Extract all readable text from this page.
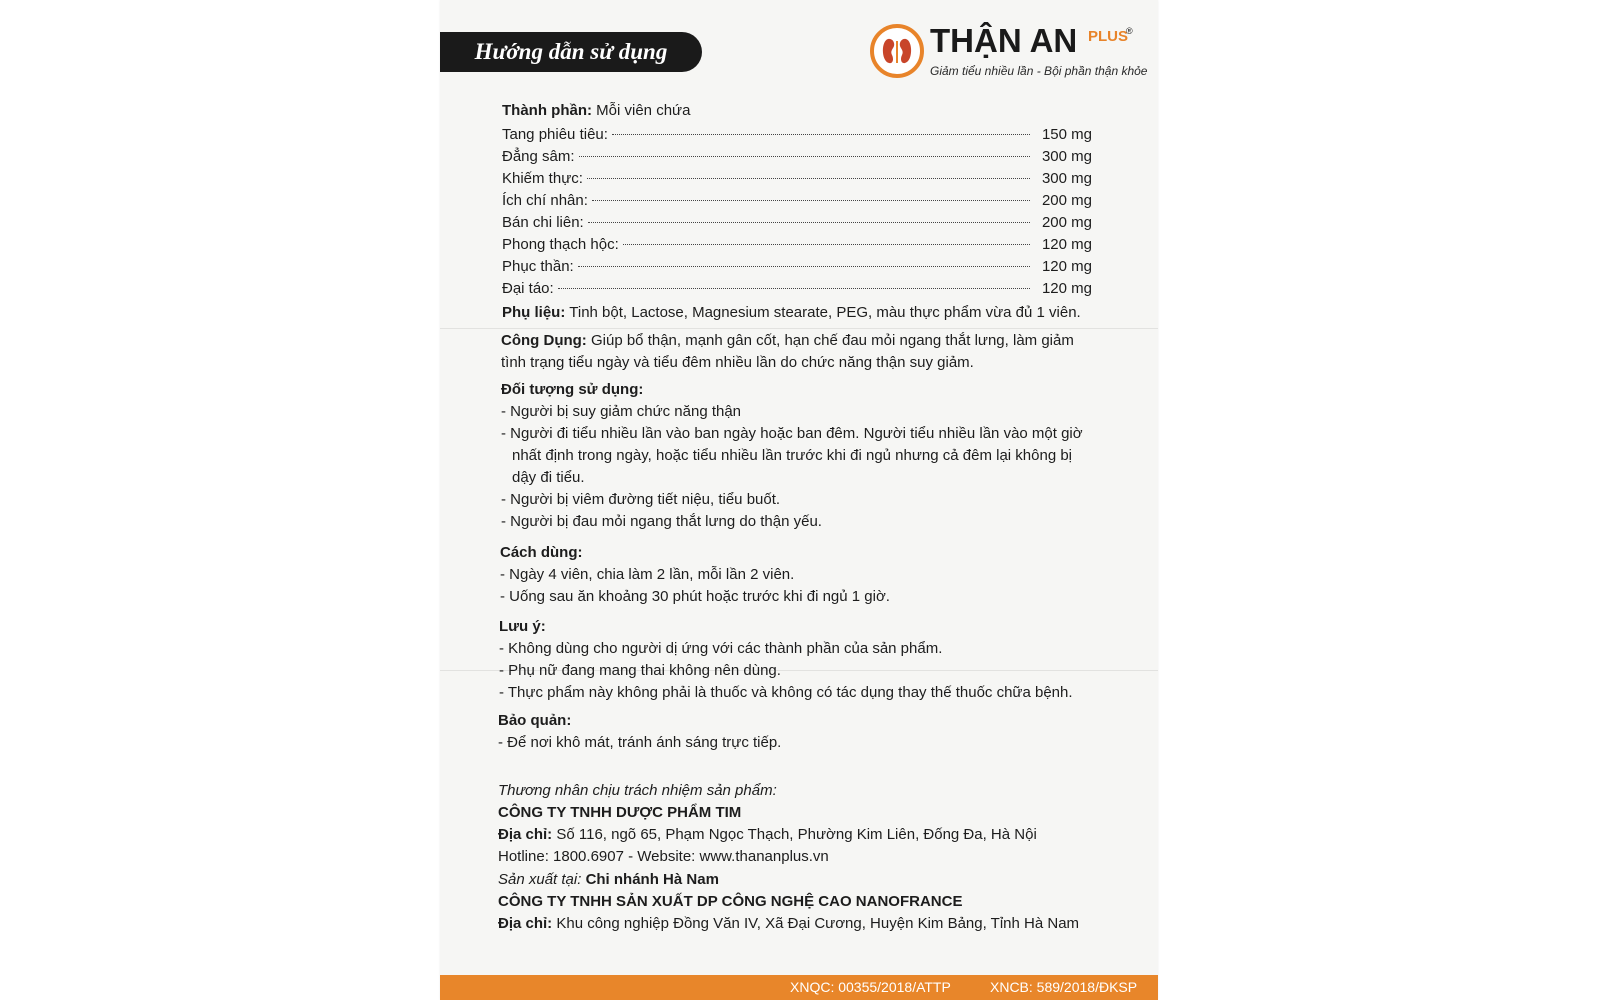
Hướng dẫn sử dụng	THẬN AN PLUS
®
Giảm tiểu nhiều lần - Bội phần thận khỏe
Thành phần: Mỗi viên chứa
Tang phiêu tiêu:	150 mg
Đẳng sâm:	300 mg
Khiếm thực:	300 mg
Ích chí nhân:	200 mg
Bán chi liên:	200 mg
Phong thạch hộc:	120 mg
Phục thần:	120 mg
Đại táo:	120 mg
Phụ liệu: Tinh bột, Lactose, Magnesium stearate, PEG, màu thực phẩm vừa đủ 1 viên.
Công Dụng: Giúp bổ thận, mạnh gân cốt, hạn chế đau mỏi ngang thắt lưng, làm giảm
tình trạng tiểu ngày và tiểu đêm nhiều lần do chức năng thận suy giảm.
Đối tượng sử dụng:
- Người bị suy giảm chức năng thận
- Người đi tiểu nhiều lần vào ban ngày hoặc ban đêm. Người tiểu nhiều lần vào một giờ
nhất định trong ngày, hoặc tiểu nhiều lần trước khi đi ngủ nhưng cả đêm lại không bị
dậy đi tiểu.
- Người bị viêm đường tiết niệu, tiểu buốt.
- Người bị đau mỏi ngang thắt lưng do thận yếu.
Cách dùng:
- Ngày 4 viên, chia làm 2 lần, mỗi lần 2 viên.
- Uống sau ăn khoảng 30 phút hoặc trước khi đi ngủ 1 giờ.
Lưu ý:
- Không dùng cho người dị ứng với các thành phần của sản phẩm.
- Phụ nữ đang mang thai không nên dùng.
- Thực phẩm này không phải là thuốc và không có tác dụng thay thế thuốc chữa bệnh.
Bảo quản:
- Để nơi khô mát, tránh ánh sáng trực tiếp.
Thương nhân chịu trách nhiệm sản phẩm:
CÔNG TY TNHH DƯỢC PHẨM TIM
Địa chỉ: Số 116, ngõ 65, Phạm Ngọc Thạch, Phường Kim Liên, Đống Đa, Hà Nội
Hotline: 1800.6907 - Website: www.thananplus.vn
Sản xuất tại: Chi nhánh Hà Nam
CÔNG TY TNHH SẢN XUẤT DP CÔNG NGHỆ CAO NANOFRANCE
Địa chỉ: Khu công nghiệp Đồng Văn IV, Xã Đại Cương, Huyện Kim Bảng, Tỉnh Hà Nam
XNQC: 00355/2018/ATTP	XNCB: 589/2018/ĐKSP
